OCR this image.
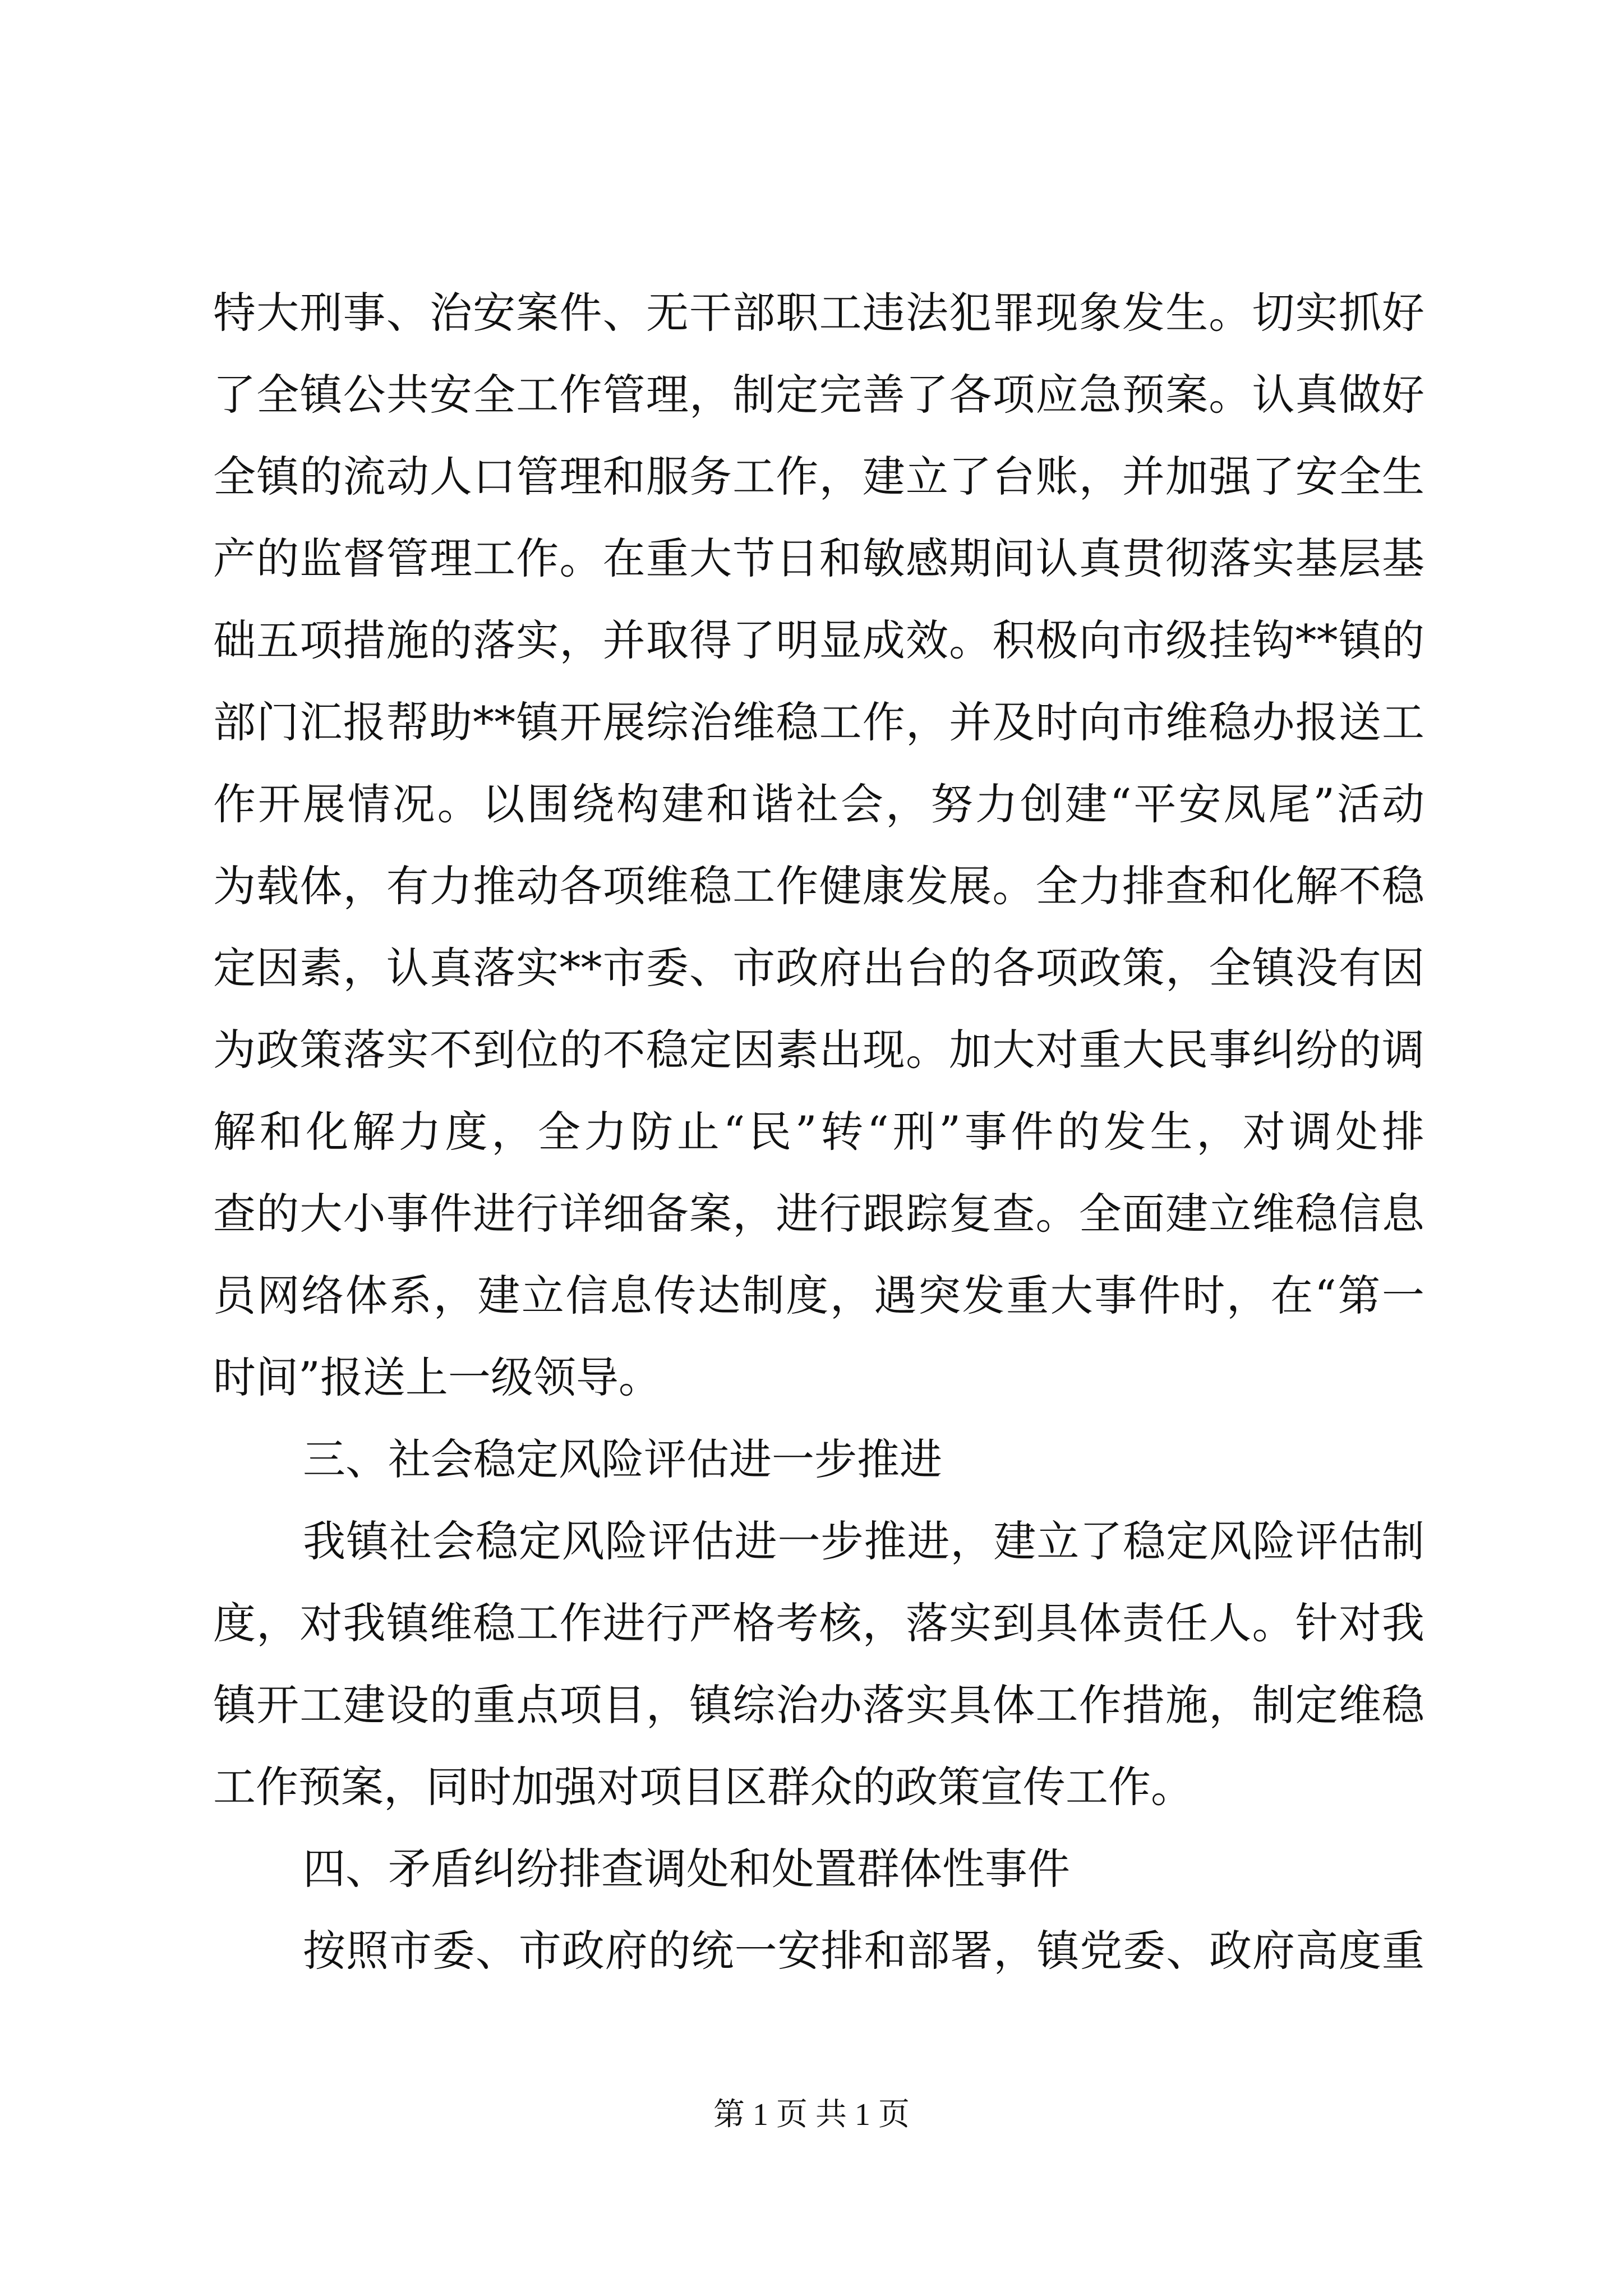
特大刑事、治安案件、无干部职工违法犯罪现象发生。切实抓好
了全镇公共安全工作管理，制定完善了各项应急预案。认真做好
全镇的流动人口管理和服务工作，建立了台账，并加强了安全生
产的监督管理工作。在重大节日和敏感期间认真贯彻落实基层基
础五项措施的落实，并取得了明显成效。积极向市级挂钩**镇的
部门汇报帮助**镇开展综治维稳工作，并及时向市维稳办报送工
作开展情况。以围绕构建和谐社会，努力创建“平安凤尾”活动
为载体，有力推动各项维稳工作健康发展。全力排查和化解不稳
定因素，认真落实**市委、市政府出台的各项政策，全镇没有因
为政策落实不到位的不稳定因素出现。加大对重大民事纠纷的调
解和化解力度，全力防止“民”转“刑”事件的发生，对调处排
查的大小事件进行详细备案，进行跟踪复查。全面建立维稳信息
员网络体系，建立信息传达制度，遇突发重大事件时，在“第一
时间”报送上一级领导。
三、社会稳定风险评估进一步推进
我镇社会稳定风险评估进一步推进，建立了稳定风险评估制
度，对我镇维稳工作进行严格考核，落实到具体责任人。针对我
镇开工建设的重点项目，镇综治办落实具体工作措施，制定维稳
工作预案，同时加强对项目区群众的政策宣传工作。
四、矛盾纠纷排查调处和处置群体性事件
按照市委、市政府的统一安排和部署，镇党委、政府高度重
第 1 页 共 1 页
